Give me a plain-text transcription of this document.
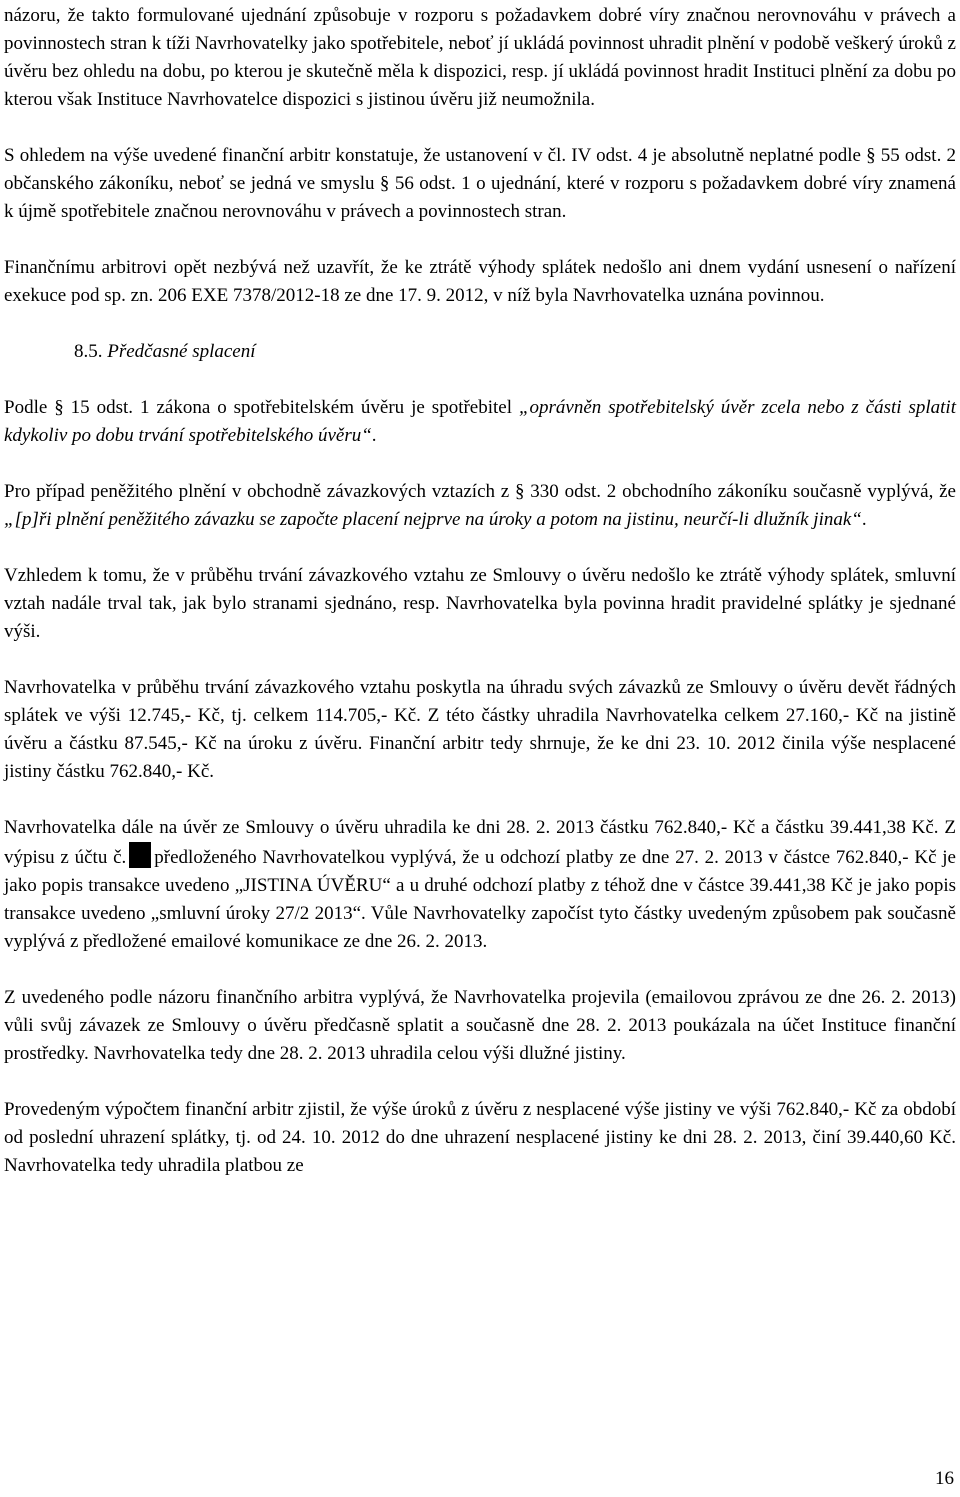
názoru, že takto formulované ujednání způsobuje v rozporu s požadavkem dobré víry značnou nerovnováhu v právech a povinnostech stran k tíži Navrhovatelky jako spotřebitele, neboť jí ukládá povinnost uhradit plnění v podobě veškerý úroků z úvěru bez ohledu na dobu, po kterou je skutečně měla k dispozici, resp. jí ukládá povinnost hradit Instituci plnění za dobu po kterou však Instituce Navrhovatelce dispozici s jistinou úvěru již neumožnila.

S ohledem na výše uvedené finanční arbitr konstatuje, že ustanovení v čl. IV odst. 4 je absolutně neplatné podle § 55 odst. 2 občanského zákoníku, neboť se jedná ve smyslu § 56 odst. 1 o ujednání, které v rozporu s požadavkem dobré víry znamená k újmě spotřebitele značnou nerovnováhu v právech a povinnostech stran.

Finančnímu arbitrovi opět nezbývá než uzavřít, že ke ztrátě výhody splátek nedošlo ani dnem vydání usnesení o nařízení exekuce pod sp. zn. 206 EXE 7378/2012-18 ze dne 17. 9. 2012, v níž byla Navrhovatelka uznána povinnou.

8.5. Předčasné splacení

Podle § 15 odst. 1 zákona o spotřebitelském úvěru je spotřebitel „oprávněn spotřebitelský úvěr zcela nebo z části splatit kdykoliv po dobu trvání spotřebitelského úvěru“.

Pro případ peněžitého plnění v obchodně závazkových vztazích z § 330 odst. 2 obchodního zákoníku současně vyplývá, že „[p]ři plnění peněžitého závazku se započte placení nejprve na úroky a potom na jistinu, neurčí-li dlužník jinak“.

Vzhledem k tomu, že v průběhu trvání závazkového vztahu ze Smlouvy o úvěru nedošlo ke ztrátě výhody splátek, smluvní vztah nadále trval tak, jak bylo stranami sjednáno, resp. Navrhovatelka byla povinna hradit pravidelné splátky je sjednané výši.

Navrhovatelka v průběhu trvání závazkového vztahu poskytla na úhradu svých závazků ze Smlouvy o úvěru devět řádných splátek ve výši 12.745,- Kč, tj. celkem 114.705,- Kč. Z této částky uhradila Navrhovatelka celkem 27.160,- Kč na jistině úvěru a částku 87.545,- Kč na úroku z úvěru. Finanční arbitr tedy shrnuje, že ke dni 23. 10. 2012 činila výše nesplacené jistiny částku 762.840,- Kč.

Navrhovatelka dále na úvěr ze Smlouvy o úvěru uhradila ke dni 28. 2. 2013 částku 762.840,- Kč a částku 39.441,38 Kč. Z výpisu z účtu č. předloženého Navrhovatelkou vyplývá, že u odchozí platby ze dne 27. 2. 2013 v částce 762.840,- Kč je jako popis transakce uvedeno „JISTINA ÚVĚRU“ a u druhé odchozí platby z téhož dne v částce 39.441,38 Kč je jako popis transakce uvedeno „smluvní úroky 27/2 2013“. Vůle Navrhovatelky započíst tyto částky uvedeným způsobem pak současně vyplývá z předložené emailové komunikace ze dne 26. 2. 2013.

Z uvedeného podle názoru finančního arbitra vyplývá, že Navrhovatelka projevila (emailovou zprávou ze dne 26. 2. 2013) vůli svůj závazek ze Smlouvy o úvěru předčasně splatit a současně dne 28. 2. 2013 poukázala na účet Instituce finanční prostředky. Navrhovatelka tedy dne 28. 2. 2013 uhradila celou výši dlužné jistiny.

Provedeným výpočtem finanční arbitr zjistil, že výše úroků z úvěru z nesplacené výše jistiny ve výši 762.840,- Kč za období od poslední uhrazení splátky, tj. od 24. 10. 2012 do dne uhrazení nesplacené jistiny ke dni 28. 2. 2013, činí 39.440,60 Kč. Navrhovatelka tedy uhradila platbou ze

16
